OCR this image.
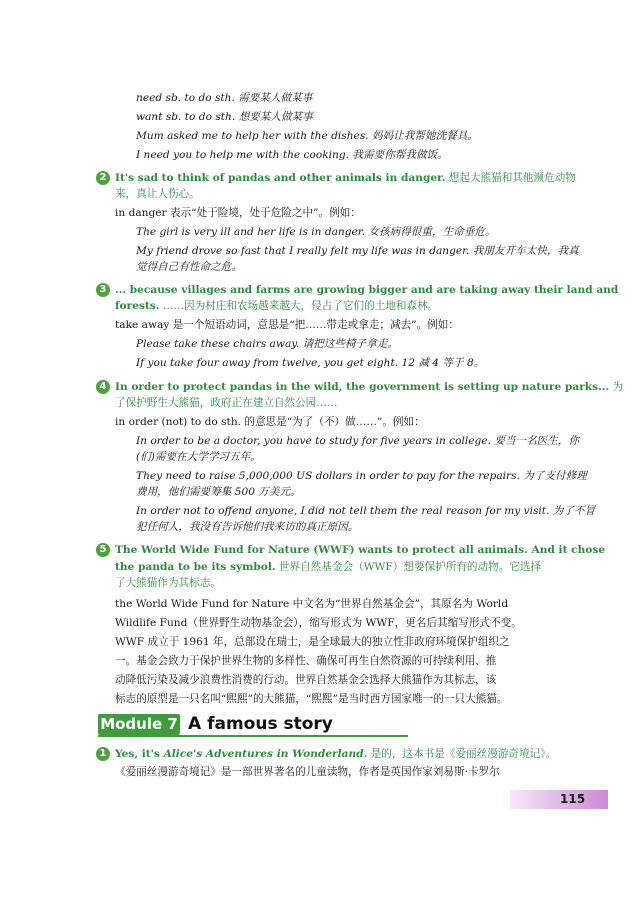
need sb. to do sth. 需要某人做某事
want sb. to do sth. 想要某人做某事
Mum asked me to help her with the dishes. 妈妈让我帮她洗餐具。
I need you to help me with the cooking. 我需要你帮我做饭。
2 It's sad to think of pandas and other animals in danger. 想起大熊猫和其他濒危动物
来，真让人伤心。
in danger 表示“处于险境，处于危险之中”。例如：
The girl is very ill and her life is in danger. 女孩病得很重，生命垂危。
My friend drove so fast that I really felt my life was in danger. 我朋友开车太快，我真
觉得自己有性命之危。
3 ... because villages and farms are growing bigger and are taking away their land and
forests. ……因为村庄和农场越来越大，侵占了它们的土地和森林。
take away 是一个短语动词，意思是“把……带走或拿走；减去”。例如：
Please take these chairs away. 请把这些椅子拿走。
If you take four away from twelve, you get eight. 12 减 4 等于 8。
4 In order to protect pandas in the wild, the government is setting up nature parks... 为
了保护野生大熊猫，政府正在建立自然公园……
in order (not) to do sth. 的意思是“为了（不）做……”。例如：
In order to be a doctor, you have to study for five years in college. 要当一名医生，你
(们)需要在大学学习五年。
They need to raise 5,000,000 US dollars in order to pay for the repairs. 为了支付修理
费用，他们需要筹集 500 万美元。
In order not to offend anyone, I did not tell them the real reason for my visit. 为了不冒
犯任何人，我没有告诉他们我来访的真正原因。
5 The World Wide Fund for Nature (WWF) wants to protect all animals. And it chose
the panda to be its symbol. 世界自然基金会（WWF）想要保护所有的动物。它选择
了大熊猫作为其标志。
the World Wide Fund for Nature 中文名为“世界自然基金会”，其原名为 World
Wildlife Fund（世界野生动物基金会），缩写形式为 WWF，更名后其缩写形式不变。
WWF 成立于 1961 年，总部设在瑞士，是全球最大的独立性非政府环境保护组织之
一。基金会致力于保护世界生物的多样性、确保可再生自然资源的可持续利用、推
动降低污染及减少浪费性消费的行动。世界自然基金会选择大熊猫作为其标志，该
标志的原型是一只名叫“熙熙”的大熊猫，“熙熙”是当时西方国家唯一的一只大熊猫。
Module 7 A famous story
1 Yes, it's Alice's Adventures in Wonderland. 是的，这本书是《爱丽丝漫游奇境记》。
《爱丽丝漫游奇境记》是一部世界著名的儿童读物，作者是英国作家刘易斯·卡罗尔
115
